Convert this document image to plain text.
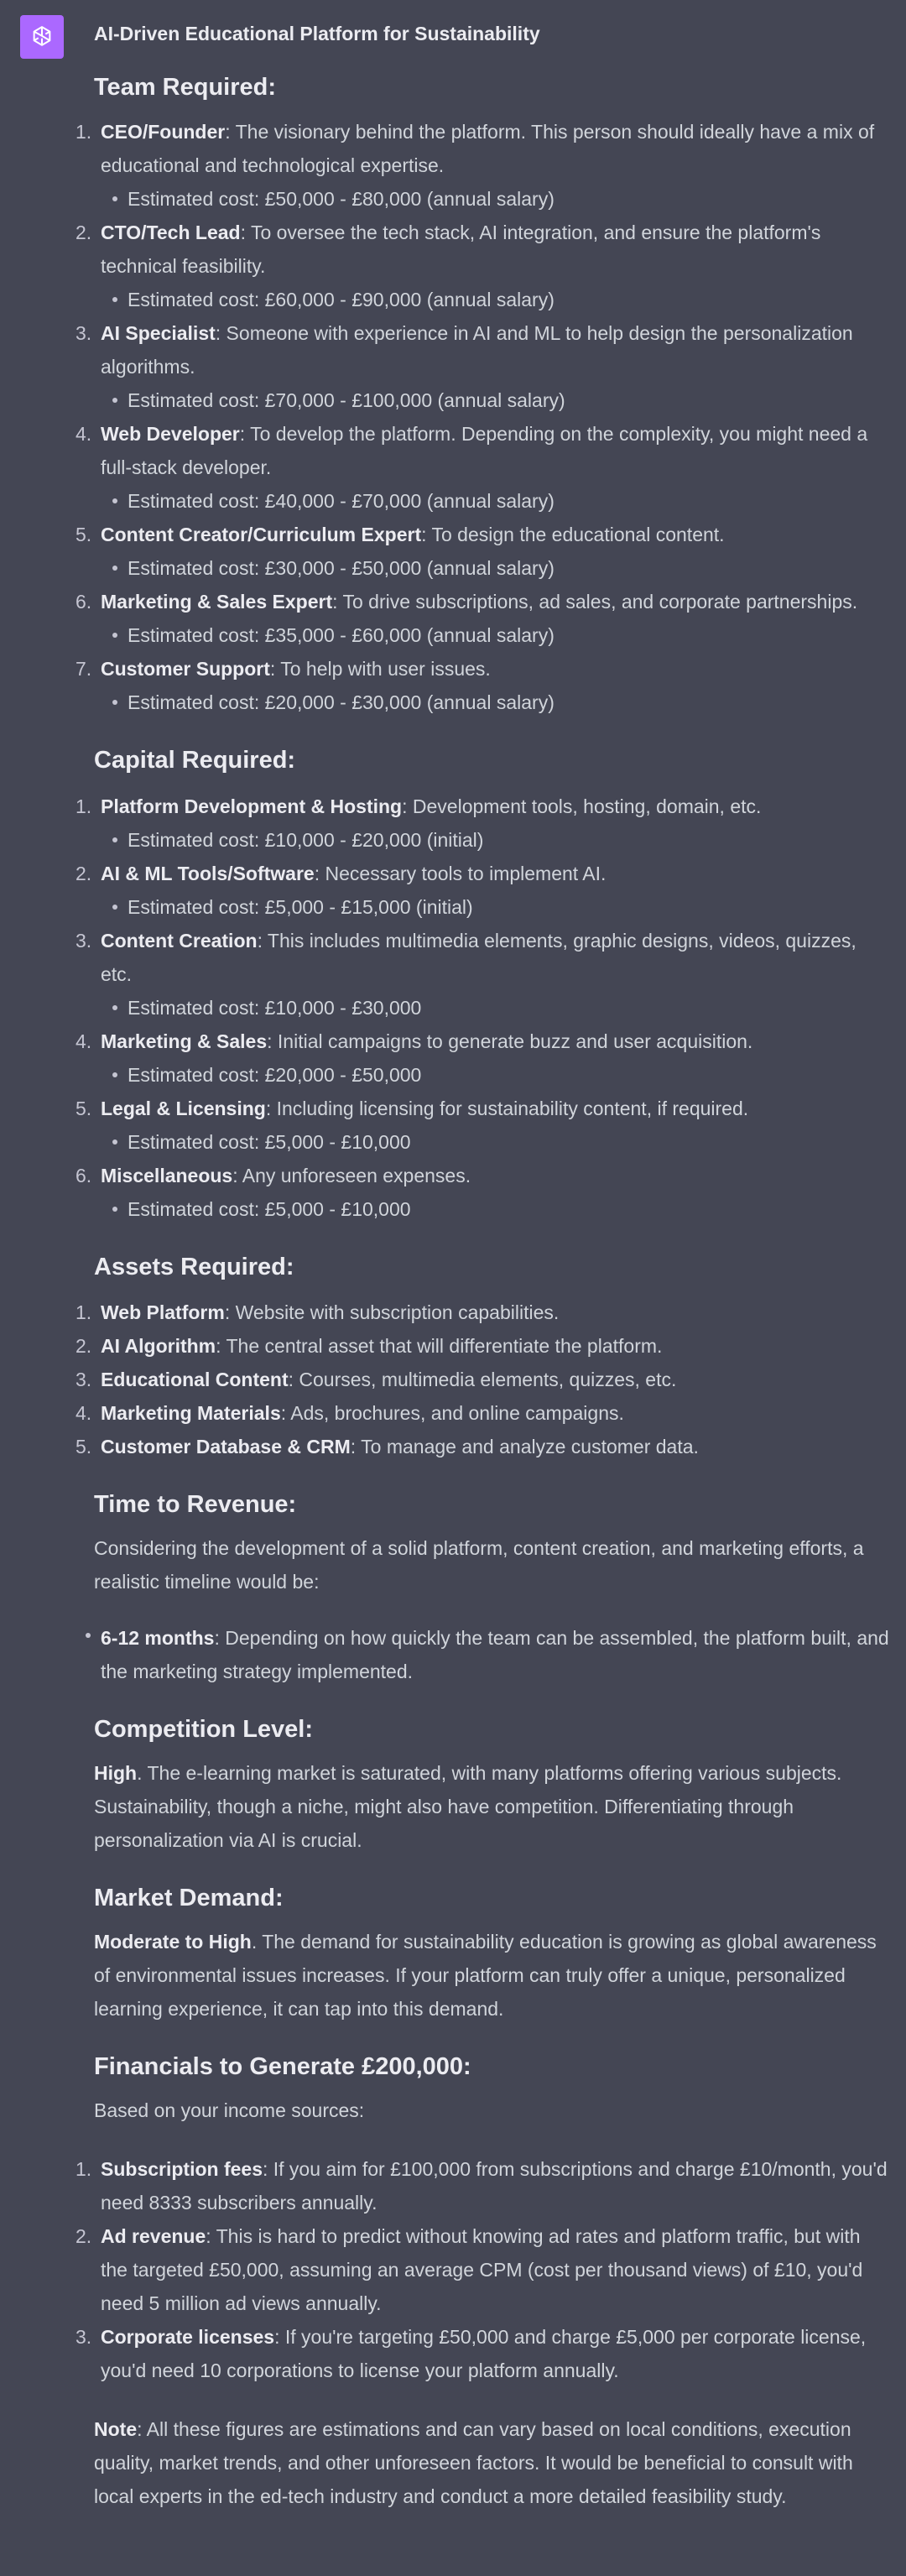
AI-Driven Educational Platform for Sustainability
Team Required:
1. CEO/Founder: The visionary behind the platform. This person should ideally have a mix of educational and technological expertise.
Estimated cost: £50,000 - £80,000 (annual salary)
2. CTO/Tech Lead: To oversee the tech stack, AI integration, and ensure the platform's technical feasibility.
Estimated cost: £60,000 - £90,000 (annual salary)
3. AI Specialist: Someone with experience in AI and ML to help design the personalization algorithms.
Estimated cost: £70,000 - £100,000 (annual salary)
4. Web Developer: To develop the platform. Depending on the complexity, you might need a full-stack developer.
Estimated cost: £40,000 - £70,000 (annual salary)
5. Content Creator/Curriculum Expert: To design the educational content.
Estimated cost: £30,000 - £50,000 (annual salary)
6. Marketing & Sales Expert: To drive subscriptions, ad sales, and corporate partnerships.
Estimated cost: £35,000 - £60,000 (annual salary)
7. Customer Support: To help with user issues.
Estimated cost: £20,000 - £30,000 (annual salary)
Capital Required:
1. Platform Development & Hosting: Development tools, hosting, domain, etc.
Estimated cost: £10,000 - £20,000 (initial)
2. AI & ML Tools/Software: Necessary tools to implement AI.
Estimated cost: £5,000 - £15,000 (initial)
3. Content Creation: This includes multimedia elements, graphic designs, videos, quizzes, etc.
Estimated cost: £10,000 - £30,000
4. Marketing & Sales: Initial campaigns to generate buzz and user acquisition.
Estimated cost: £20,000 - £50,000
5. Legal & Licensing: Including licensing for sustainability content, if required.
Estimated cost: £5,000 - £10,000
6. Miscellaneous: Any unforeseen expenses.
Estimated cost: £5,000 - £10,000
Assets Required:
1. Web Platform: Website with subscription capabilities.
2. AI Algorithm: The central asset that will differentiate the platform.
3. Educational Content: Courses, multimedia elements, quizzes, etc.
4. Marketing Materials: Ads, brochures, and online campaigns.
5. Customer Database & CRM: To manage and analyze customer data.
Time to Revenue:

Considering the development of a solid platform, content creation, and marketing efforts, a realistic timeline would be:

6-12 months: Depending on how quickly the team can be assembled, the platform built, and the marketing strategy implemented.
Competition Level:

High. The e-learning market is saturated, with many platforms offering various subjects. Sustainability, though a niche, might also have competition. Differentiating through personalization via AI is crucial.

Market Demand:

Moderate to High. The demand for sustainability education is growing as global awareness of environmental issues increases. If your platform can truly offer a unique, personalized learning experience, it can tap into this demand.

Financials to Generate £200,000:

Based on your income sources:

1. Subscription fees: If you aim for £100,000 from subscriptions and charge £10/month, you'd need 8333 subscribers annually.
2. Ad revenue: This is hard to predict without knowing ad rates and platform traffic, but with the targeted £50,000, assuming an average CPM (cost per thousand views) of £10, you'd need 5 million ad views annually.
3. Corporate licenses: If you're targeting £50,000 and charge £5,000 per corporate license, you'd need 10 corporations to license your platform annually.

Note: All these figures are estimations and can vary based on local conditions, execution quality, market trends, and other unforeseen factors. It would be beneficial to consult with local experts in the ed-tech industry and conduct a more detailed feasibility study.
